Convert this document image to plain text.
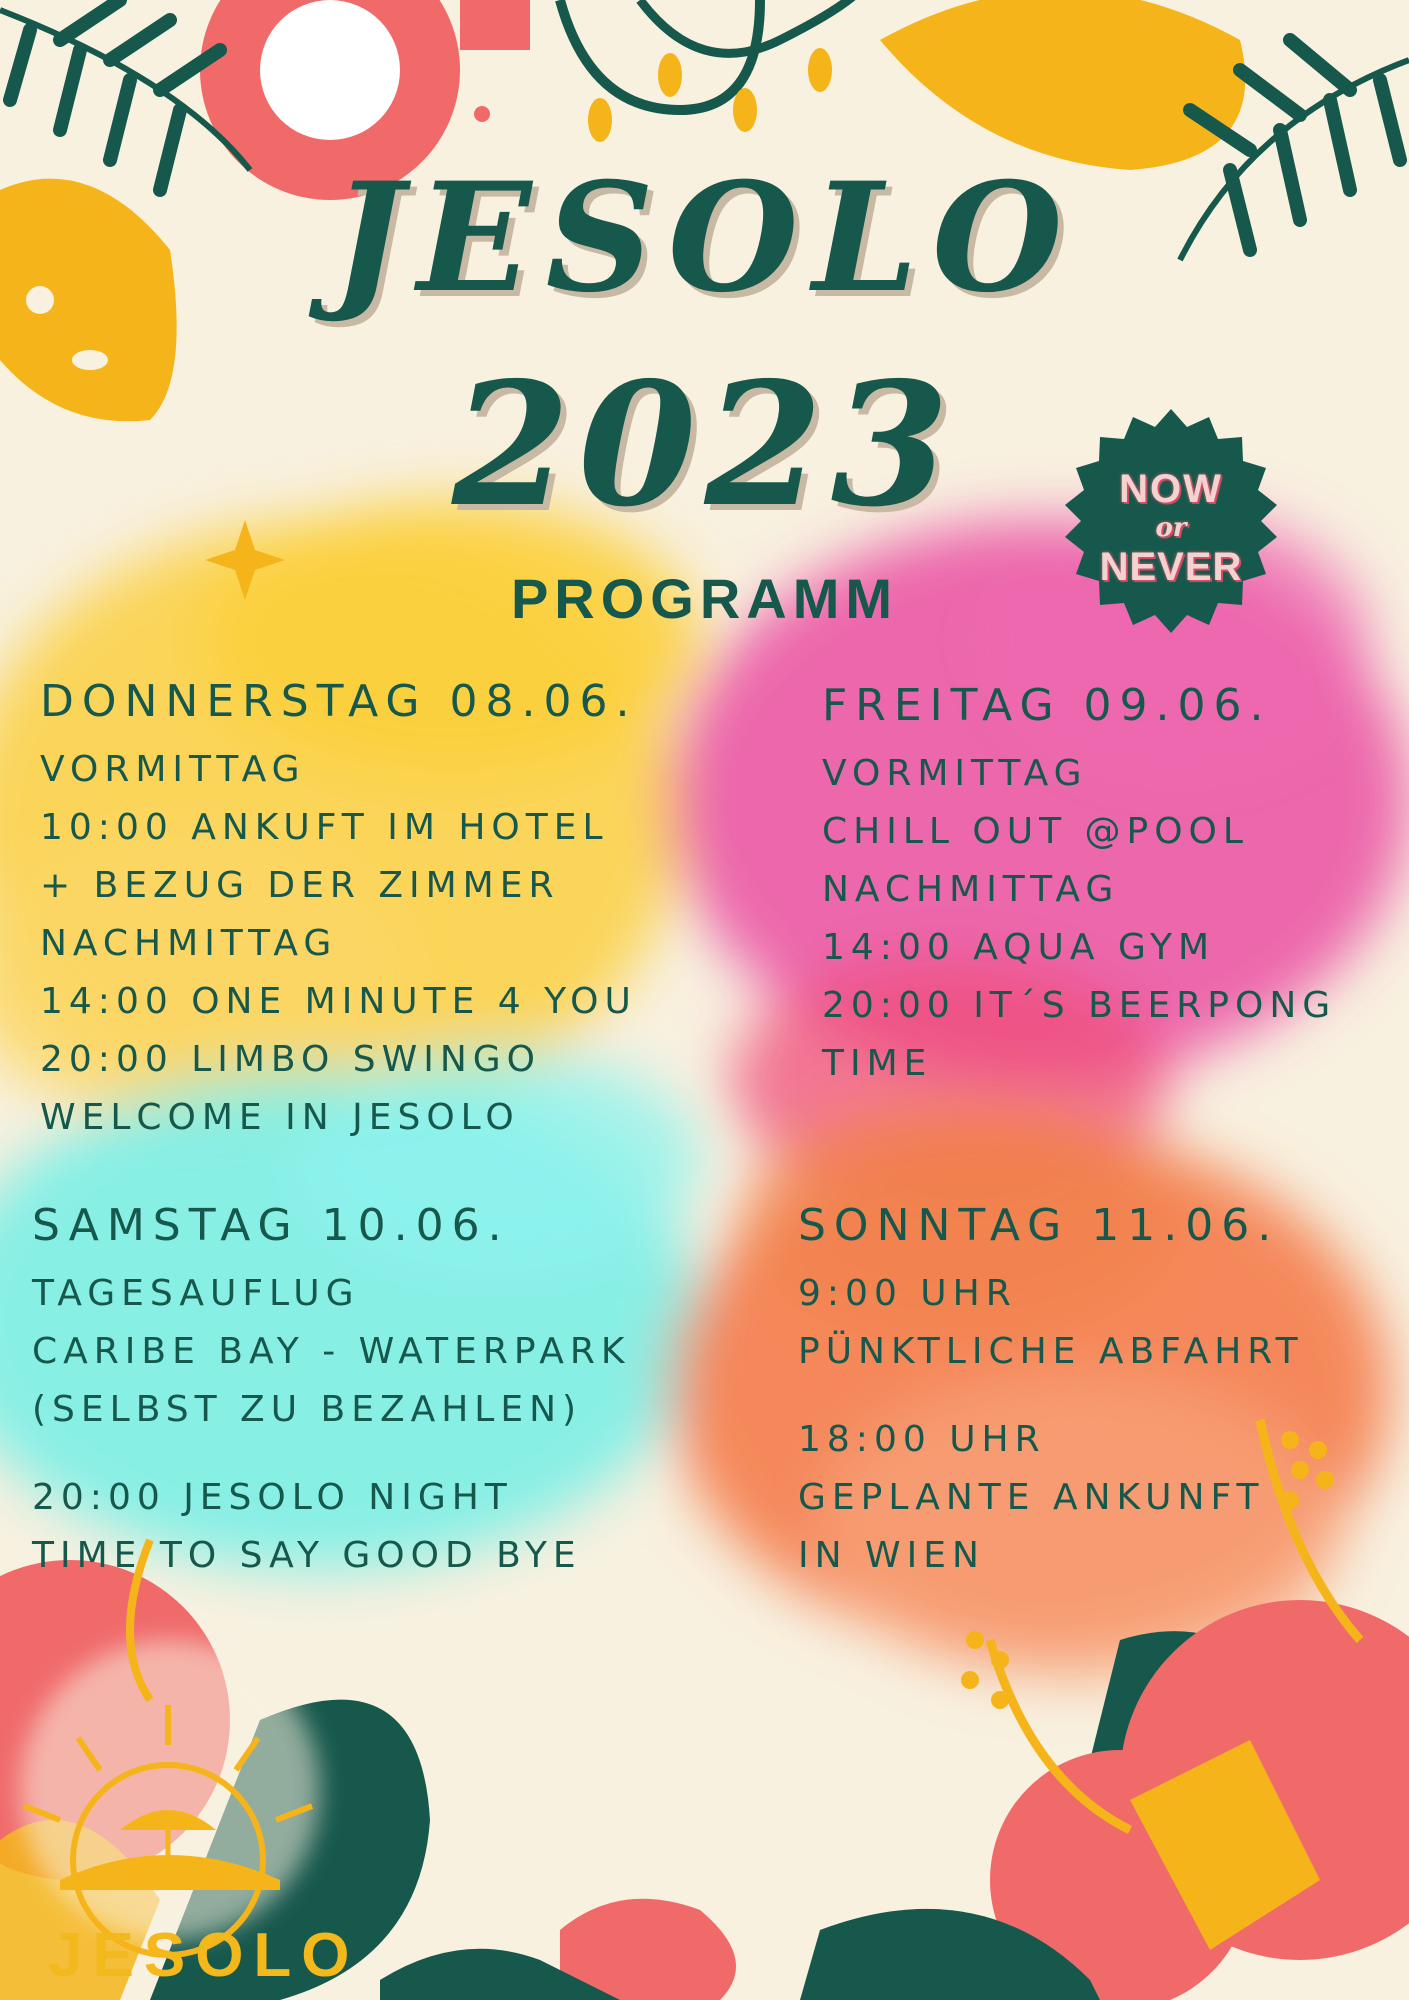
JESOLO
2023
PROGRAMM
NOW
or
NEVER
DONNERSTAG 08.06.
VORMITTAG
10:00 ANKUFT IM HOTEL
+ BEZUG DER ZIMMER
NACHMITTAG
14:00 ONE MINUTE 4 YOU
20:00 LIMBO SWINGO
WELCOME IN JESOLO
FREITAG 09.06.
VORMITTAG
CHILL OUT @POOL
NACHMITTAG
14:00 AQUA GYM
20:00 IT´S BEERPONG
TIME
SAMSTAG 10.06.
TAGESAUFLUG
CARIBE BAY - WATERPARK
(SELBST ZU BEZAHLEN)
20:00 JESOLO NIGHT
TIME TO SAY GOOD BYE
SONNTAG 11.06.
9:00 UHR
PÜNKTLICHE ABFAHRT
18:00 UHR
GEPLANTE ANKUNFT
IN WIEN
JESOLO
